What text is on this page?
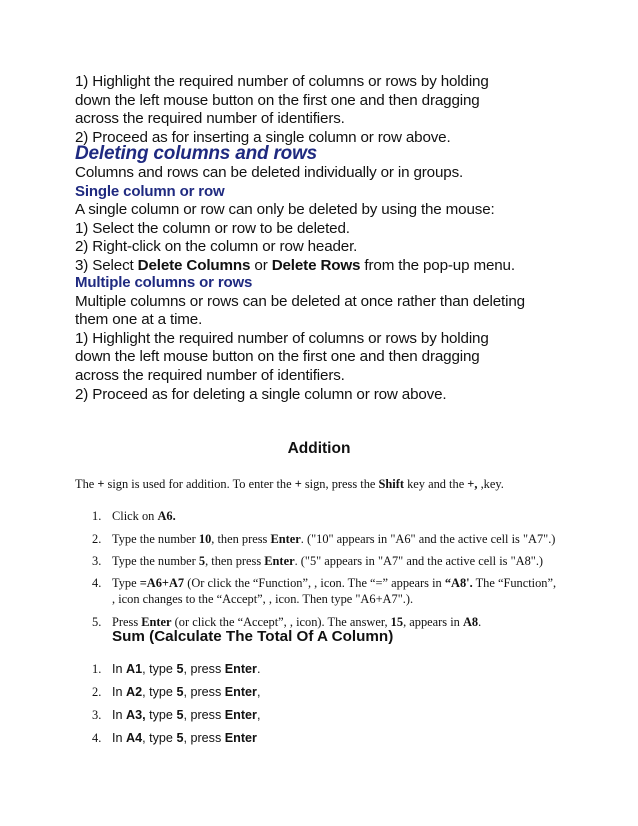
1) Highlight the required number of columns or rows by holding
down the left mouse button on the first one and then dragging
across the required number of identifiers.
2) Proceed as for inserting a single column or row above.
Deleting columns and rows
Columns and rows can be deleted individually or in groups.
Single column or row
A single column or row can only be deleted by using the mouse:
1) Select the column or row to be deleted.
2) Right-click on the column or row header.
3) Select Delete Columns or Delete Rows from the pop-up menu.
Multiple columns or rows
Multiple columns or rows can be deleted at once rather than deleting
them one at a time.
1) Highlight the required number of columns or rows by holding
down the left mouse button on the first one and then dragging
across the required number of identifiers.
2) Proceed as for deleting a single column or row above.
Addition
The + sign is used for addition. To enter the + sign, press the Shift key and the +, ,key.
1. Click on A6.
2. Type the number 10, then press Enter. ("10" appears in "A6" and the active cell is "A7".)
3. Type the number 5, then press Enter. ("5" appears in "A7" and the active cell is "A8".)
4. Type =A6+A7 (Or click the “Function”, , icon. The “=” appears in “A8'. The “Function”,
, icon changes to the “Accept”, , icon. Then type "A6+A7".).
5. Press Enter (or click the “Accept”, , icon). The answer, 15, appears in A8.
Sum (Calculate The Total Of A Column)
1. In A1, type 5, press Enter.
2. In A2, type 5, press Enter,
3. In A3, type 5, press Enter,
4. In A4, type 5, press Enter
